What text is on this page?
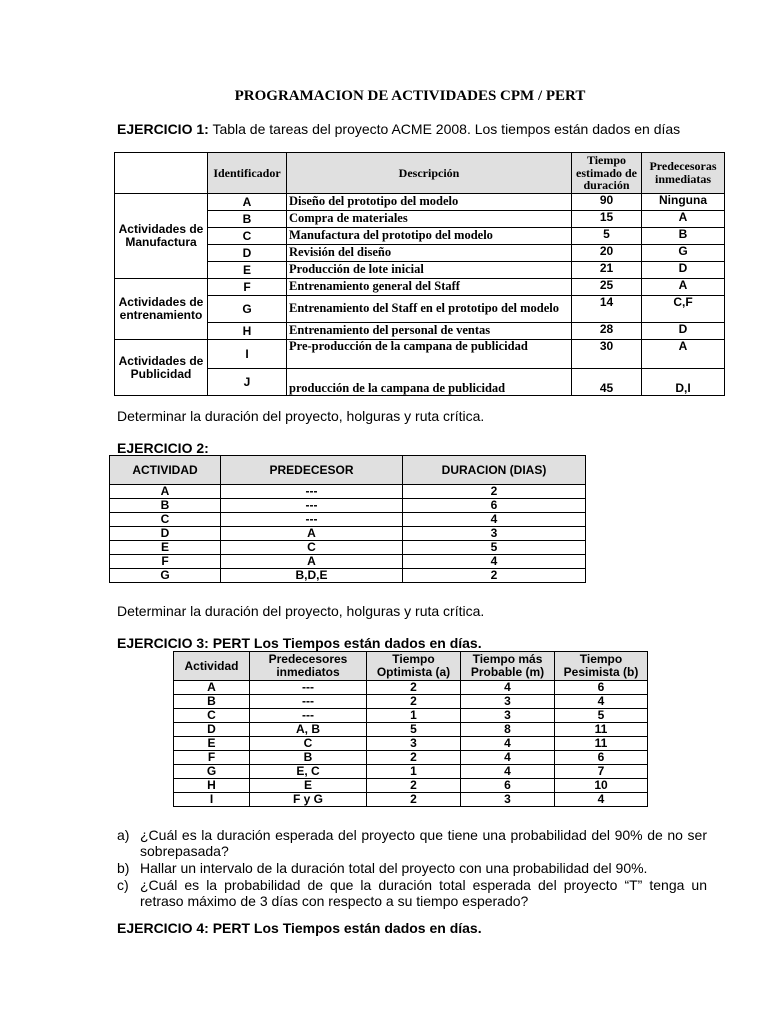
PROGRAMACION DE ACTIVIDADES CPM / PERT
EJERCICIO 1: Tabla de tareas del proyecto ACME 2008. Los tiempos están dados en días
	Identificador	Descripción	Tiempo estimado de duración	Predecesoras inmediatas
Actividades de Manufactura	A	Diseño del prototipo del modelo	90	Ninguna
	B	Compra de materiales	15	A
	C	Manufactura del prototipo del modelo	5	B
	D	Revisión del diseño	20	G
	E	Producción de lote inicial	21	D
Actividades de entrenamiento	F	Entrenamiento general del Staff	25	A
	G	Entrenamiento del Staff en el prototipo del modelo	14	C,F
	H	Entrenamiento del personal de ventas	28	D
Actividades de Publicidad	I	Pre-producción de la campana de publicidad	30	A
	J	producción de la campana de publicidad	45	D,I
Determinar la duración del proyecto, holguras y ruta crítica.
EJERCICIO 2:
ACTIVIDAD	PREDECESOR	DURACION (DIAS)
A	---	2
B	---	6
C	---	4
D	A	3
E	C	5
F	A	4
G	B,D,E	2
Determinar la duración del proyecto, holguras y ruta crítica.
EJERCICIO 3: PERT Los Tiempos están dados en días.
Actividad	Predecesores inmediatos	Tiempo Optimista (a)	Tiempo más Probable (m)	Tiempo Pesimista (b)
A	---	2	4	6
B	---	2	3	4
C	---	1	3	5
D	A, B	5	8	11
E	C	3	4	11
F	B	2	4	6
G	E, C	1	4	7
H	E	2	6	10
I	F y G	2	3	4
a) ¿Cuál es la duración esperada del proyecto que tiene una probabilidad del 90% de no ser sobrepasada?
b) Hallar un intervalo de la duración total del proyecto con una probabilidad del 90%.
c) ¿Cuál es la probabilidad de que la duración total esperada del proyecto “T” tenga un retraso máximo de 3 días con respecto a su tiempo esperado?
EJERCICIO 4: PERT Los Tiempos están dados en días.
